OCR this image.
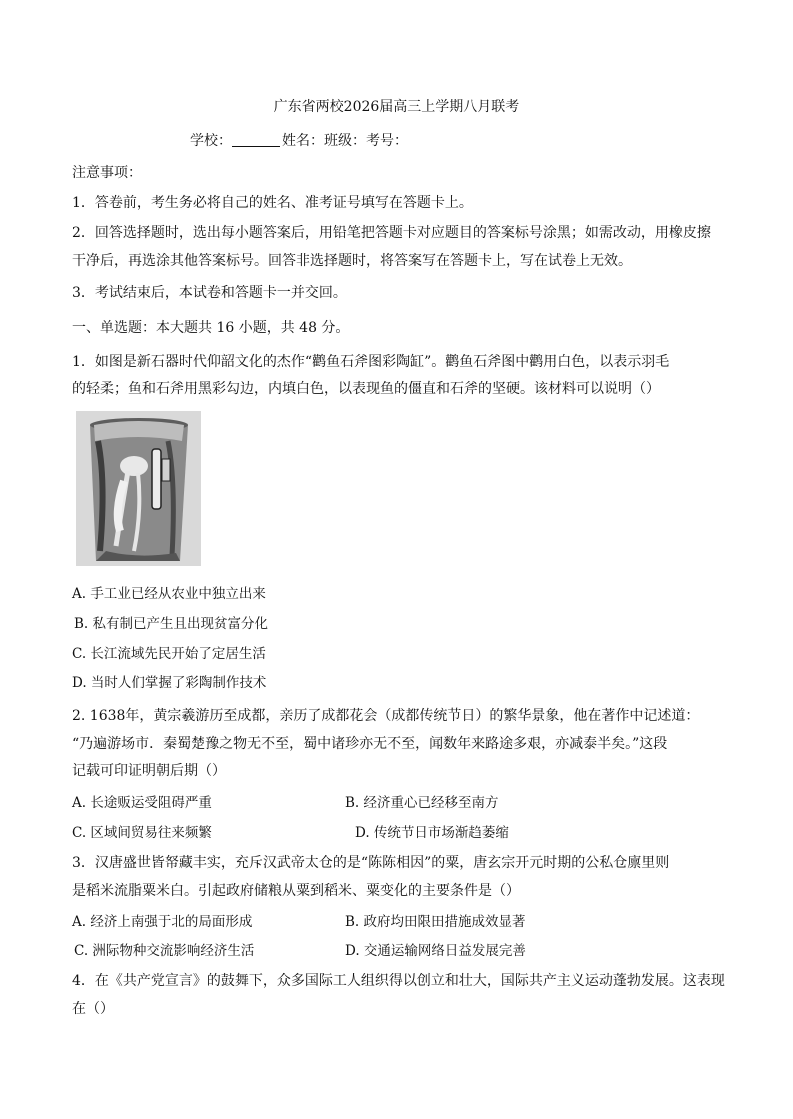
广东省两校2026届高三上学期八月联考
学校：	姓名：班级：考号：
注意事项：
1．答卷前，考生务必将自己的姓名、准考证号填写在答题卡上。
2．回答选择题时，选出每小题答案后，用铅笔把答题卡对应题目的答案标号涂黑；如需改动，用橡皮擦
干净后，再选涂其他答案标号。回答非选择题时，将答案写在答题卡上，写在试卷上无效。
3．考试结束后，本试卷和答题卡一并交回。
一、单选题：本大题共 16 小题，共 48 分。
1．如图是新石器时代仰韶文化的杰作“鹳鱼石斧图彩陶缸”。鹳鱼石斧图中鹳用白色，以表示羽毛
的轻柔；鱼和石斧用黑彩勾边，内填白色，以表现鱼的僵直和石斧的坚硬。该材料可以说明（）
A. 手工业已经从农业中独立出来
B. 私有制已产生且出现贫富分化
C. 长江流域先民开始了定居生活
D. 当时人们掌握了彩陶制作技术
2. 1638年，黄宗羲游历至成都，亲历了成都花会（成都传统节日）的繁华景象，他在著作中记述道：
“乃遍游场市．秦蜀楚豫之物无不至，蜀中诸珍亦无不至，闻数年来路途多艰，亦减泰半矣。”这段
记载可印证明朝后期（）
A. 长途贩运受阻碍严重	B. 经济重心已经移至南方
C. 区域间贸易往来频繁	D. 传统节日市场渐趋萎缩
3．汉唐盛世皆帑藏丰实，充斥汉武帝太仓的是“陈陈相因”的粟，唐玄宗开元时期的公私仓廪里则
是稻米流脂粟米白。引起政府储粮从粟到稻米、粟变化的主要条件是（）
A. 经济上南强于北的局面形成	B. 政府均田限田措施成效显著
C. 洲际物种交流影响经济生活	D. 交通运输网络日益发展完善
4．在《共产党宣言》的鼓舞下，众多国际工人组织得以创立和壮大，国际共产主义运动蓬勃发展。这表现
在（）
